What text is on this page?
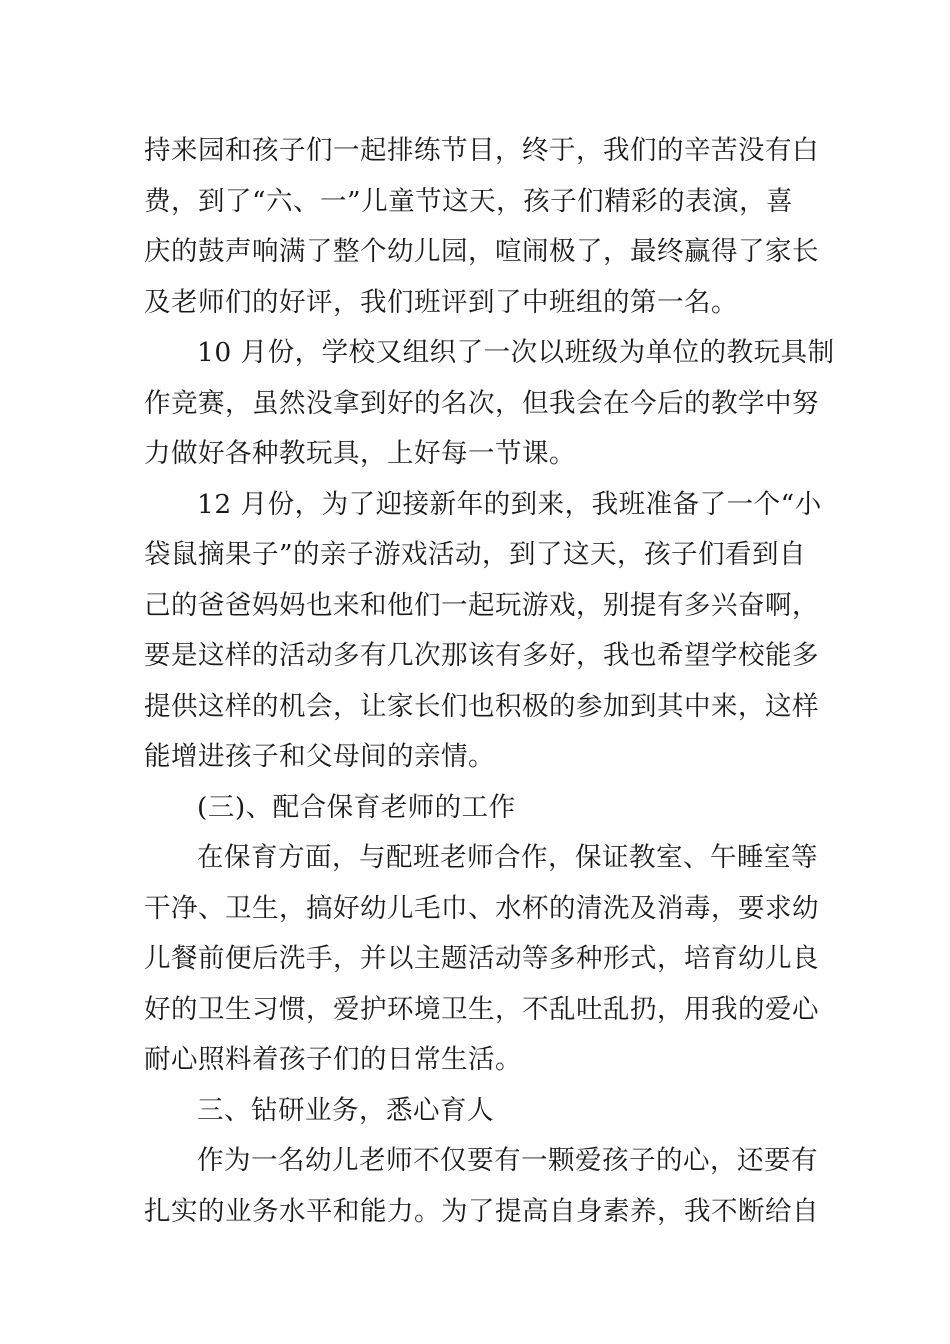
持来园和孩子们一起排练节目，终于，我们的辛苦没有白
费，到了“六、一”儿童节这天，孩子们精彩的表演，喜
庆的鼓声响满了整个幼儿园，喧闹极了，最终赢得了家长
及老师们的好评，我们班评到了中班组的第一名。
10 月份，学校又组织了一次以班级为单位的教玩具制
作竞赛，虽然没拿到好的名次，但我会在今后的教学中努
力做好各种教玩具，上好每一节课。
12 月份，为了迎接新年的到来，我班准备了一个“小
袋鼠摘果子”的亲子游戏活动，到了这天，孩子们看到自
己的爸爸妈妈也来和他们一起玩游戏，别提有多兴奋啊，
要是这样的活动多有几次那该有多好，我也希望学校能多
提供这样的机会，让家长们也积极的参加到其中来，这样
能增进孩子和父母间的亲情。
(三)、配合保育老师的工作
在保育方面，与配班老师合作，保证教室、午睡室等
干净、卫生，搞好幼儿毛巾、水杯的清洗及消毒，要求幼
儿餐前便后洗手，并以主题活动等多种形式，培育幼儿良
好的卫生习惯，爱护环境卫生，不乱吐乱扔，用我的爱心
耐心照料着孩子们的日常生活。
三、钻研业务，悉心育人
作为一名幼儿老师不仅要有一颗爱孩子的心，还要有
扎实的业务水平和能力。为了提高自身素养，我不断给自
